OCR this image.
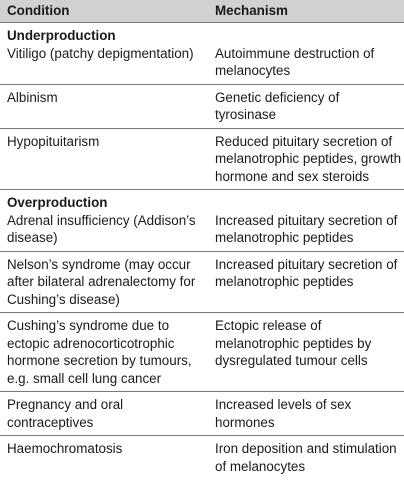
Condition	Mechanism

Underproduction
Vitiligo (patchy depigmentation)	Autoimmune destruction of melanocytes
Albinism	Genetic deficiency of tyrosinase
Hypopituitarism	Reduced pituitary secretion of melanotrophic peptides, growth hormone and sex steroids

Overproduction
Adrenal insufficiency (Addison’s disease)	Increased pituitary secretion of melanotrophic peptides
Nelson’s syndrome (may occur after bilateral adrenalectomy for Cushing’s disease)	Increased pituitary secretion of melanotrophic peptides
Cushing’s syndrome due to ectopic adrenocorticotrophic hormone secretion by tumours, e.g. small cell lung cancer	Ectopic release of melanotrophic peptides by dysregulated tumour cells
Pregnancy and oral contraceptives	Increased levels of sex hormones
Haemochromatosis	Iron deposition and stimulation of melanocytes
